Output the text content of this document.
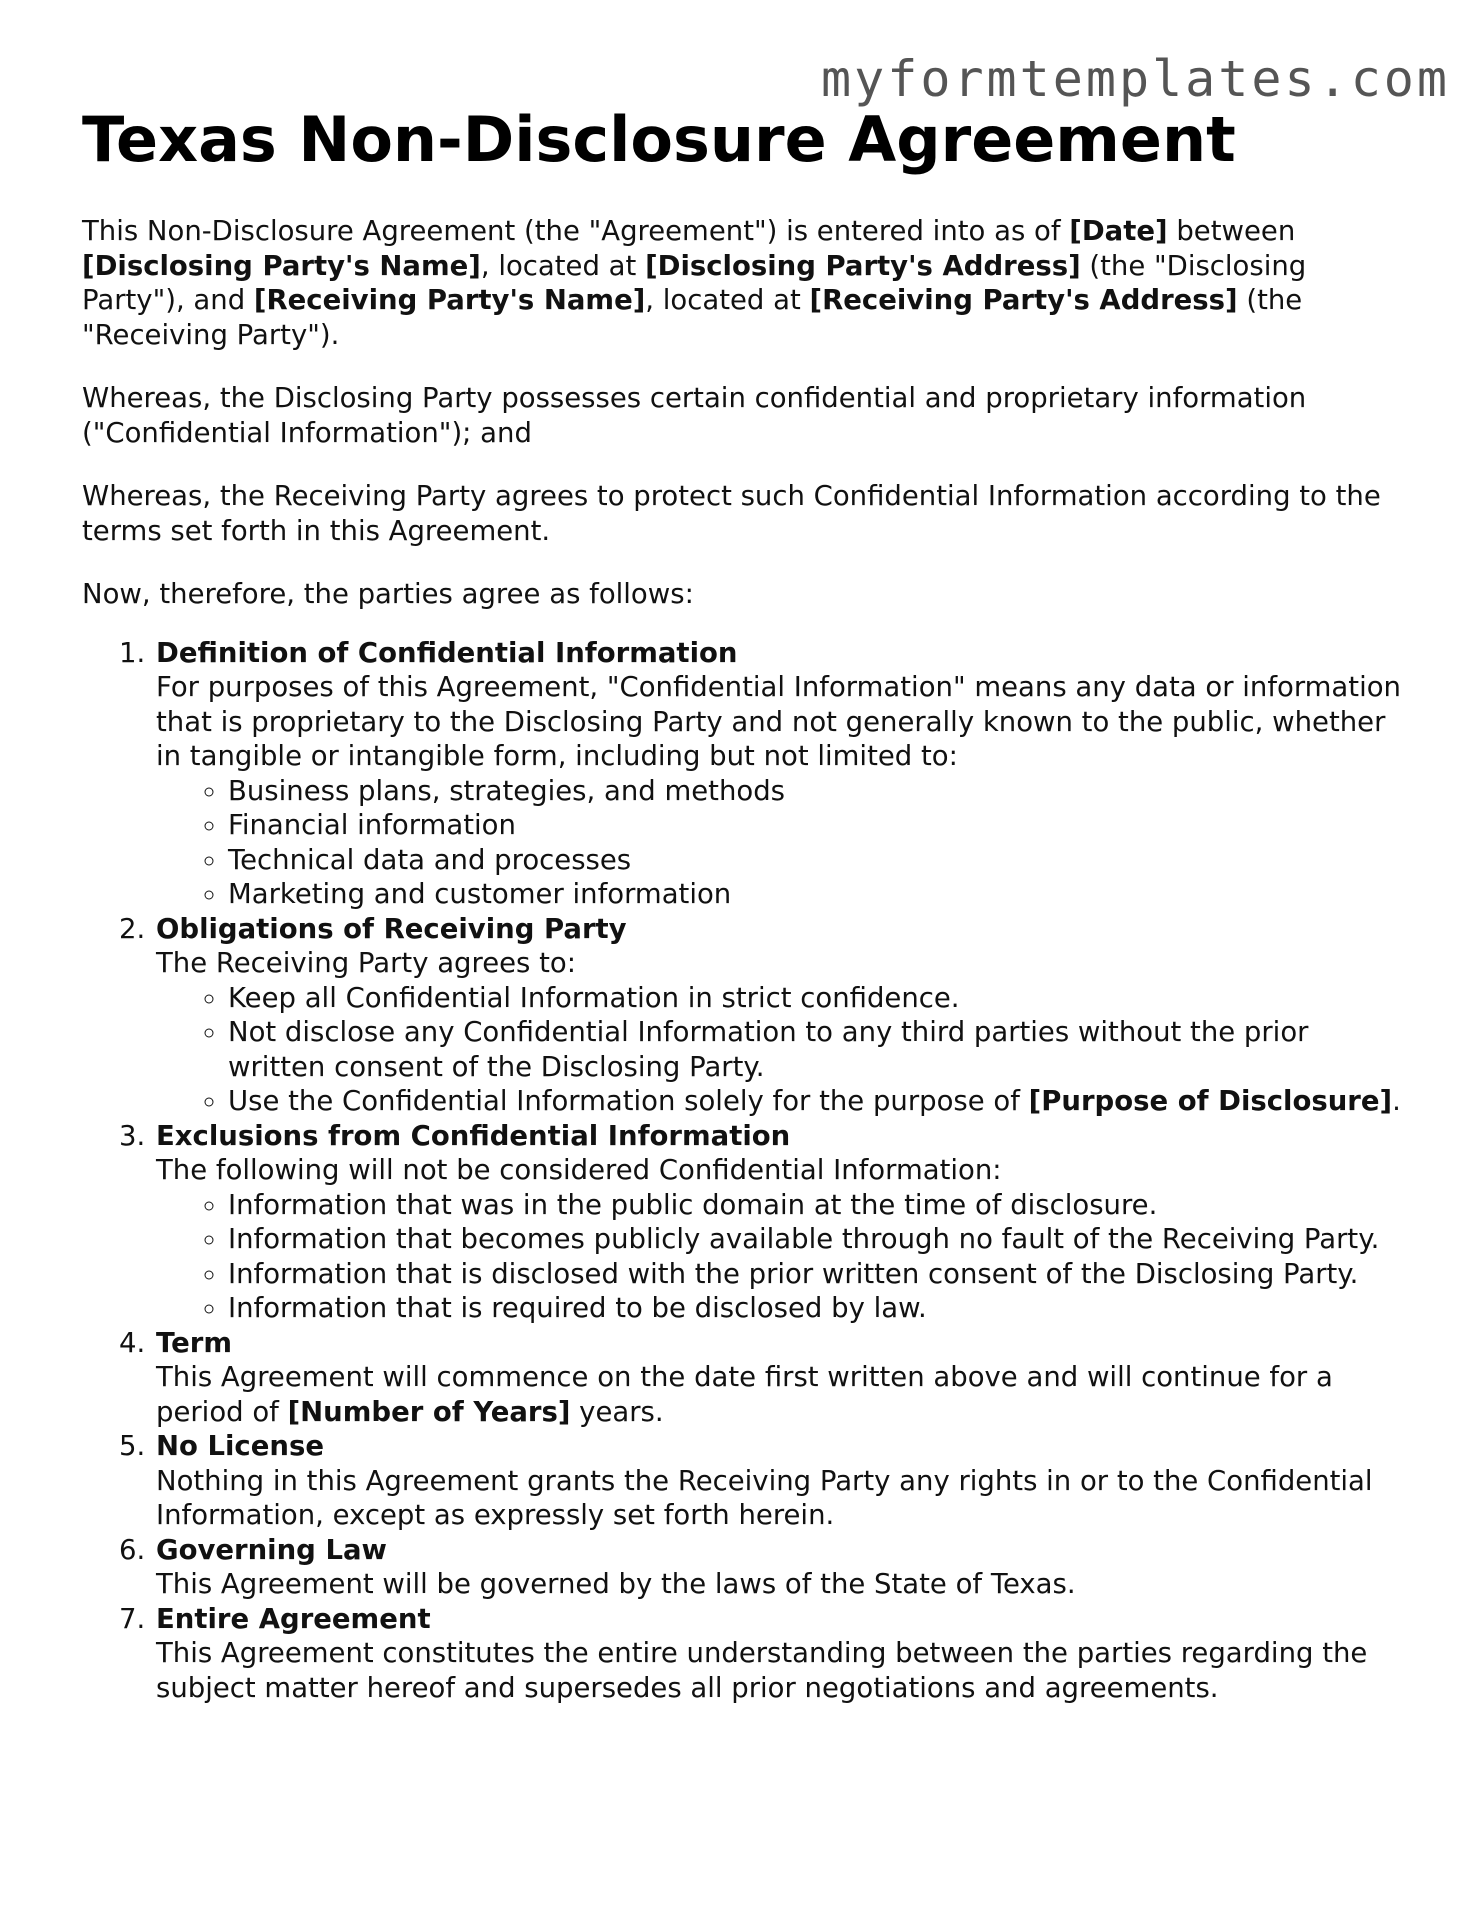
myformtemplates.com
Texas Non-Disclosure Agreement

This Non-Disclosure Agreement (the "Agreement") is entered into as of [Date] between [Disclosing Party's Name], located at [Disclosing Party's Address] (the "Disclosing Party"), and [Receiving Party's Name], located at [Receiving Party's Address] (the "Receiving Party").

Whereas, the Disclosing Party possesses certain confidential and proprietary information ("Confidential Information"); and

Whereas, the Receiving Party agrees to protect such Confidential Information according to the terms set forth in this Agreement.

Now, therefore, the parties agree as follows:

1. Definition of Confidential Information
For purposes of this Agreement, "Confidential Information" means any data or information that is proprietary to the Disclosing Party and not generally known to the public, whether in tangible or intangible form, including but not limited to:
◦ Business plans, strategies, and methods
◦ Financial information
◦ Technical data and processes
◦ Marketing and customer information
2. Obligations of Receiving Party
The Receiving Party agrees to:
◦ Keep all Confidential Information in strict confidence.
◦ Not disclose any Confidential Information to any third parties without the prior written consent of the Disclosing Party.
◦ Use the Confidential Information solely for the purpose of [Purpose of Disclosure].
3. Exclusions from Confidential Information
The following will not be considered Confidential Information:
◦ Information that was in the public domain at the time of disclosure.
◦ Information that becomes publicly available through no fault of the Receiving Party.
◦ Information that is disclosed with the prior written consent of the Disclosing Party.
◦ Information that is required to be disclosed by law.
4. Term
This Agreement will commence on the date first written above and will continue for a period of [Number of Years] years.
5. No License
Nothing in this Agreement grants the Receiving Party any rights in or to the Confidential Information, except as expressly set forth herein.
6. Governing Law
This Agreement will be governed by the laws of the State of Texas.
7. Entire Agreement
This Agreement constitutes the entire understanding between the parties regarding the subject matter hereof and supersedes all prior negotiations and agreements.
